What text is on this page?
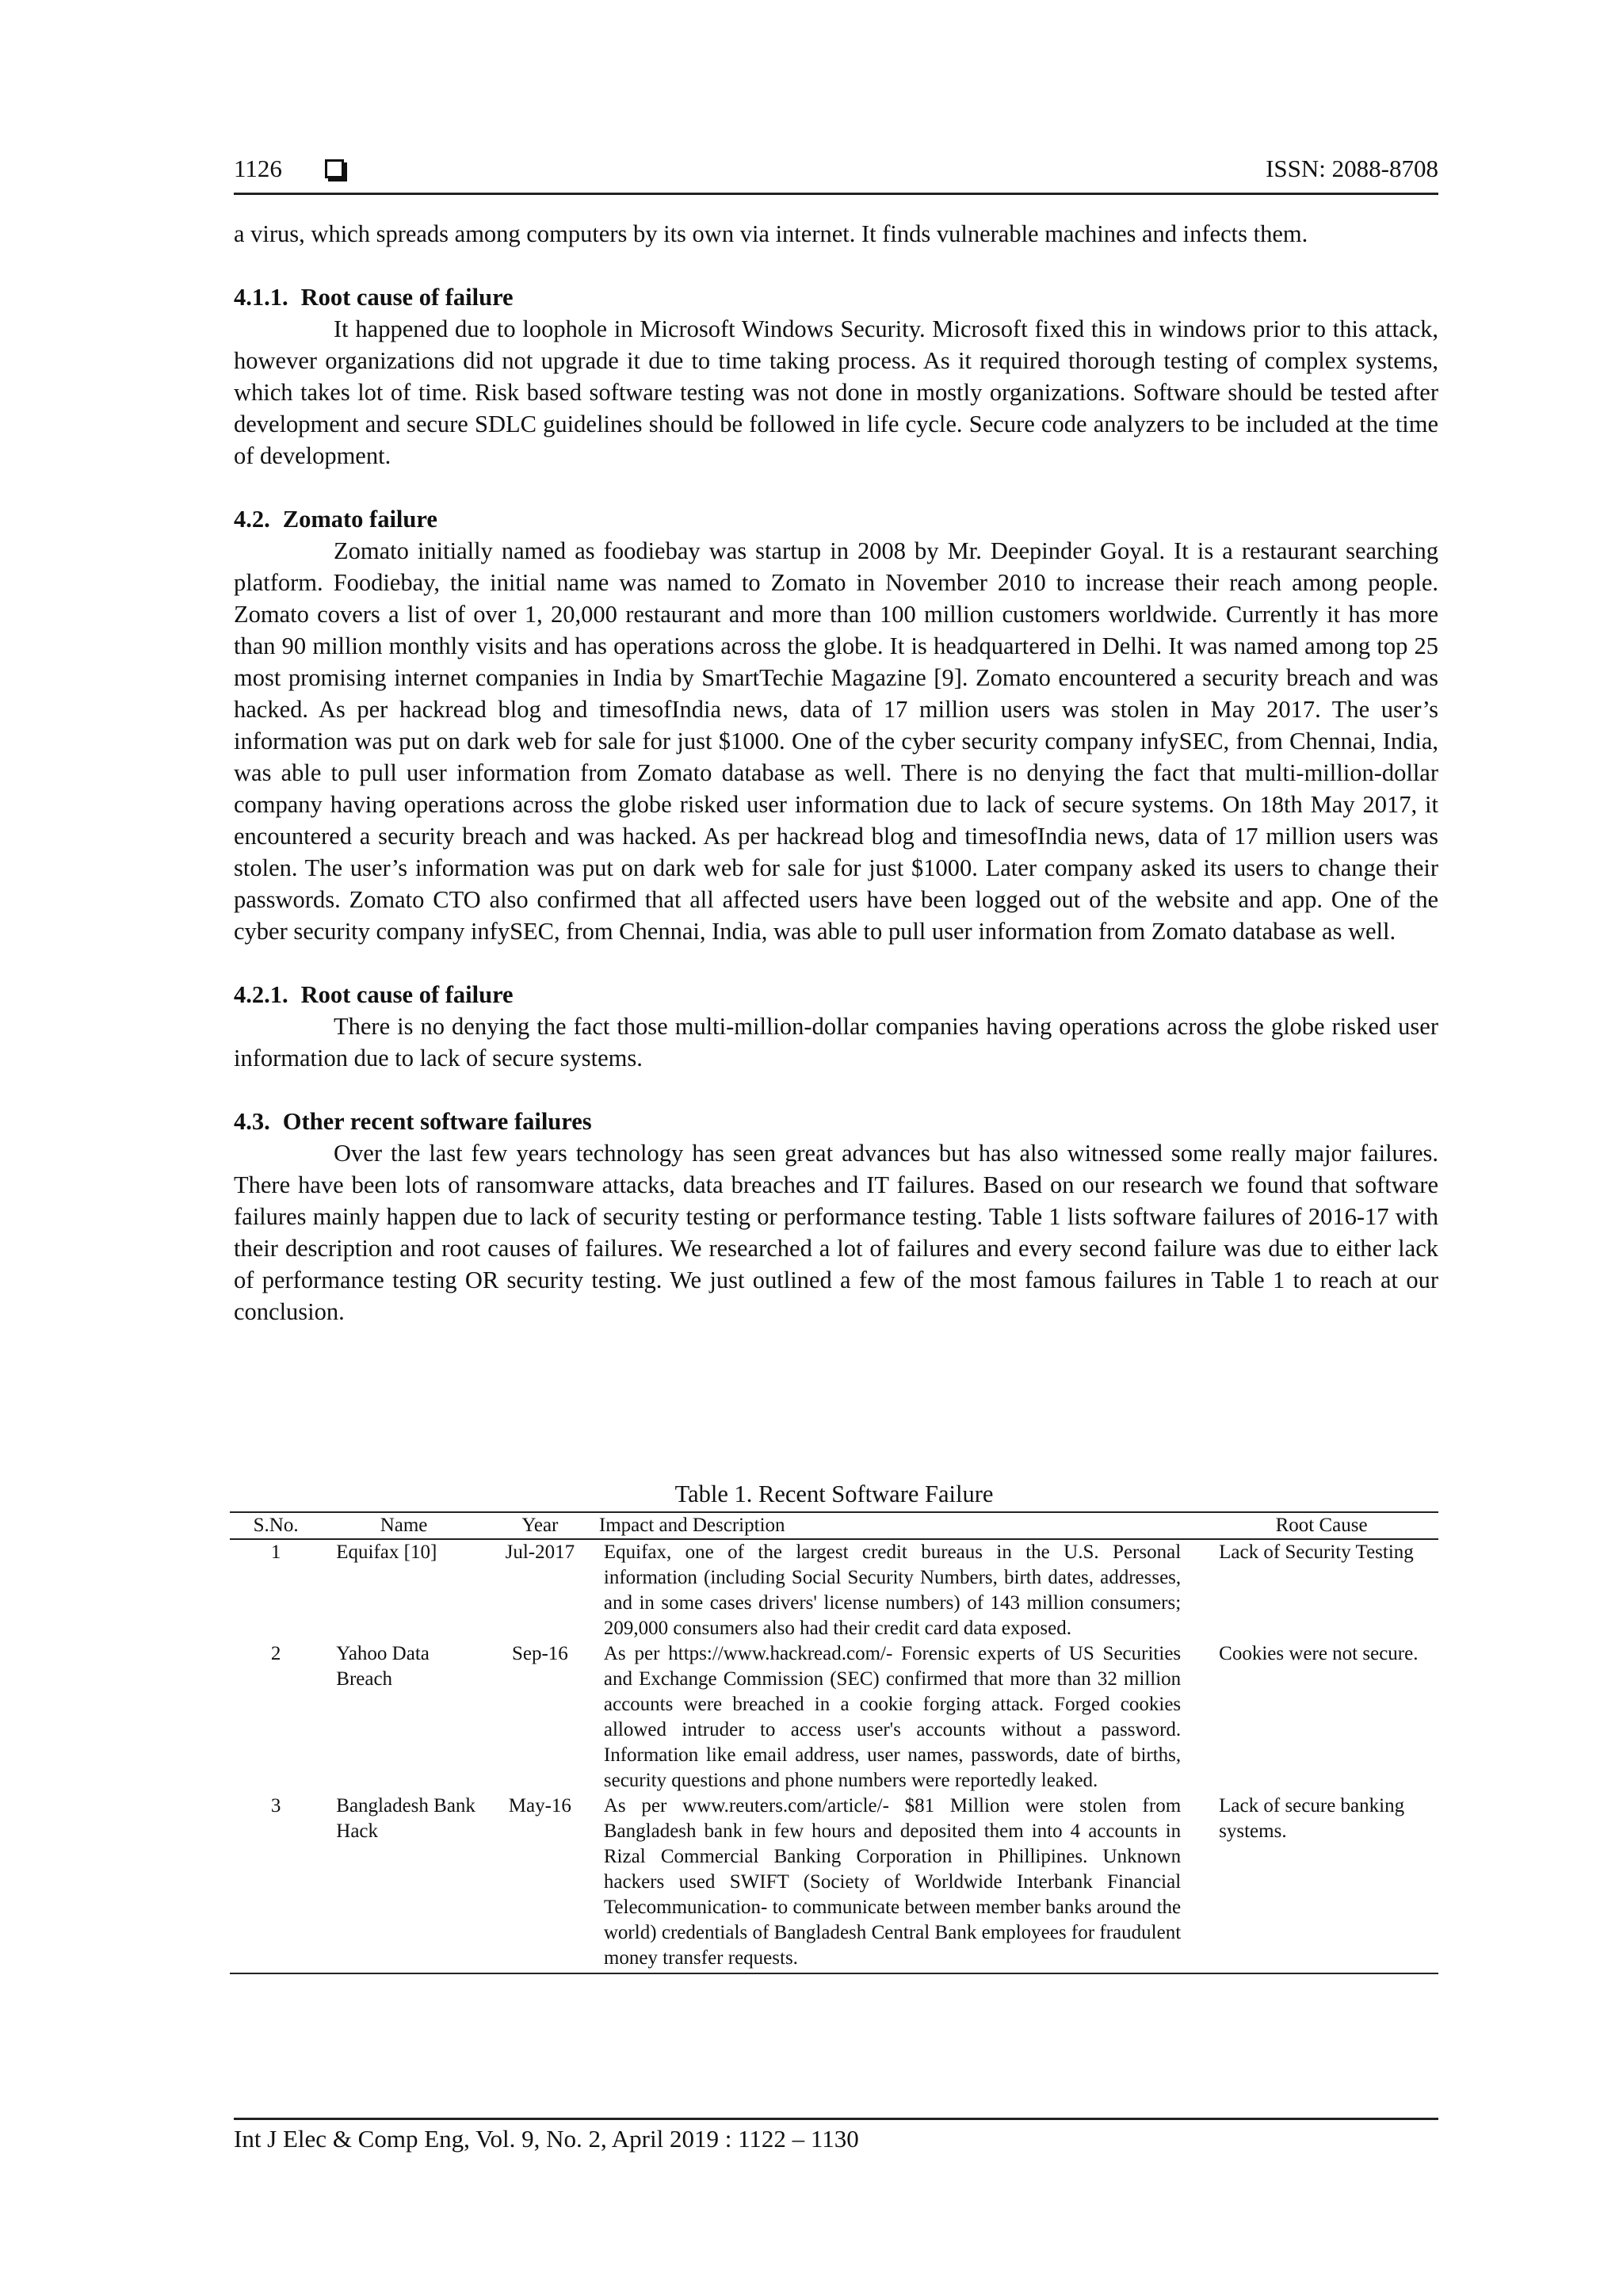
1126	ISSN: 2088-8708

a virus, which spreads among computers by its own via internet. It finds vulnerable machines and infects them.

4.1.1. Root cause of failure

It happened due to loophole in Microsoft Windows Security. Microsoft fixed this in windows prior to this attack, however organizations did not upgrade it due to time taking process. As it required thorough testing of complex systems, which takes lot of time. Risk based software testing was not done in mostly organizations. Software should be tested after development and secure SDLC guidelines should be followed in life cycle. Secure code analyzers to be included at the time of development.

4.2. Zomato failure

Zomato initially named as foodiebay was startup in 2008 by Mr. Deepinder Goyal. It is a restaurant searching platform. Foodiebay, the initial name was named to Zomato in November 2010 to increase their reach among people. Zomato covers a list of over 1, 20,000 restaurant and more than 100 million customers worldwide. Currently it has more than 90 million monthly visits and has operations across the globe. It is headquartered in Delhi. It was named among top 25 most promising internet companies in India by SmartTechie Magazine [9]. Zomato encountered a security breach and was hacked. As per hackread blog and timesofIndia news, data of 17 million users was stolen in May 2017. The user’s information was put on dark web for sale for just $1000. One of the cyber security company infySEC, from Chennai, India, was able to pull user information from Zomato database as well. There is no denying the fact that multi-million-dollar company having operations across the globe risked user information due to lack of secure systems. On 18th May 2017, it encountered a security breach and was hacked. As per hackread blog and timesofIndia news, data of 17 million users was stolen. The user’s information was put on dark web for sale for just $1000. Later company asked its users to change their passwords. Zomato CTO also confirmed that all affected users have been logged out of the website and app. One of the cyber security company infySEC, from Chennai, India, was able to pull user information from Zomato database as well.

4.2.1. Root cause of failure

There is no denying the fact those multi-million-dollar companies having operations across the globe risked user information due to lack of secure systems.

4.3. Other recent software failures

Over the last few years technology has seen great advances but has also witnessed some really major failures. There have been lots of ransomware attacks, data breaches and IT failures. Based on our research we found that software failures mainly happen due to lack of security testing or performance testing. Table 1 lists software failures of 2016-17 with their description and root causes of failures. We researched a lot of failures and every second failure was due to either lack of performance testing OR security testing. We just outlined a few of the most famous failures in Table 1 to reach at our conclusion.

Table 1. Recent Software Failure
S.No.	Name	Year	Impact and Description	Root Cause
1	Equifax [10]	Jul-2017	Equifax, one of the largest credit bureaus in the U.S. Personal information (including Social Security Numbers, birth dates, addresses, and in some cases drivers' license numbers) of 143 million consumers; 209,000 consumers also had their credit card data exposed.	Lack of Security Testing
2	Yahoo Data Breach	Sep-16	As per https://www.hackread.com/- Forensic experts of US Securities and Exchange Commission (SEC) confirmed that more than 32 million accounts were breached in a cookie forging attack. Forged cookies allowed intruder to access user's accounts without a password. Information like email address, user names, passwords, date of births, security questions and phone numbers were reportedly leaked.	Cookies were not secure.
3	Bangladesh Bank Hack	May-16	As per www.reuters.com/article/- $81 Million were stolen from Bangladesh bank in few hours and deposited them into 4 accounts in Rizal Commercial Banking Corporation in Phillipines. Unknown hackers used SWIFT (Society of Worldwide Interbank Financial Telecommunication- to communicate between member banks around the world) credentials of Bangladesh Central Bank employees for fraudulent money transfer requests.	Lack of secure banking systems.
Int J Elec & Comp Eng, Vol. 9, No. 2, April 2019 : 1122 – 1130
